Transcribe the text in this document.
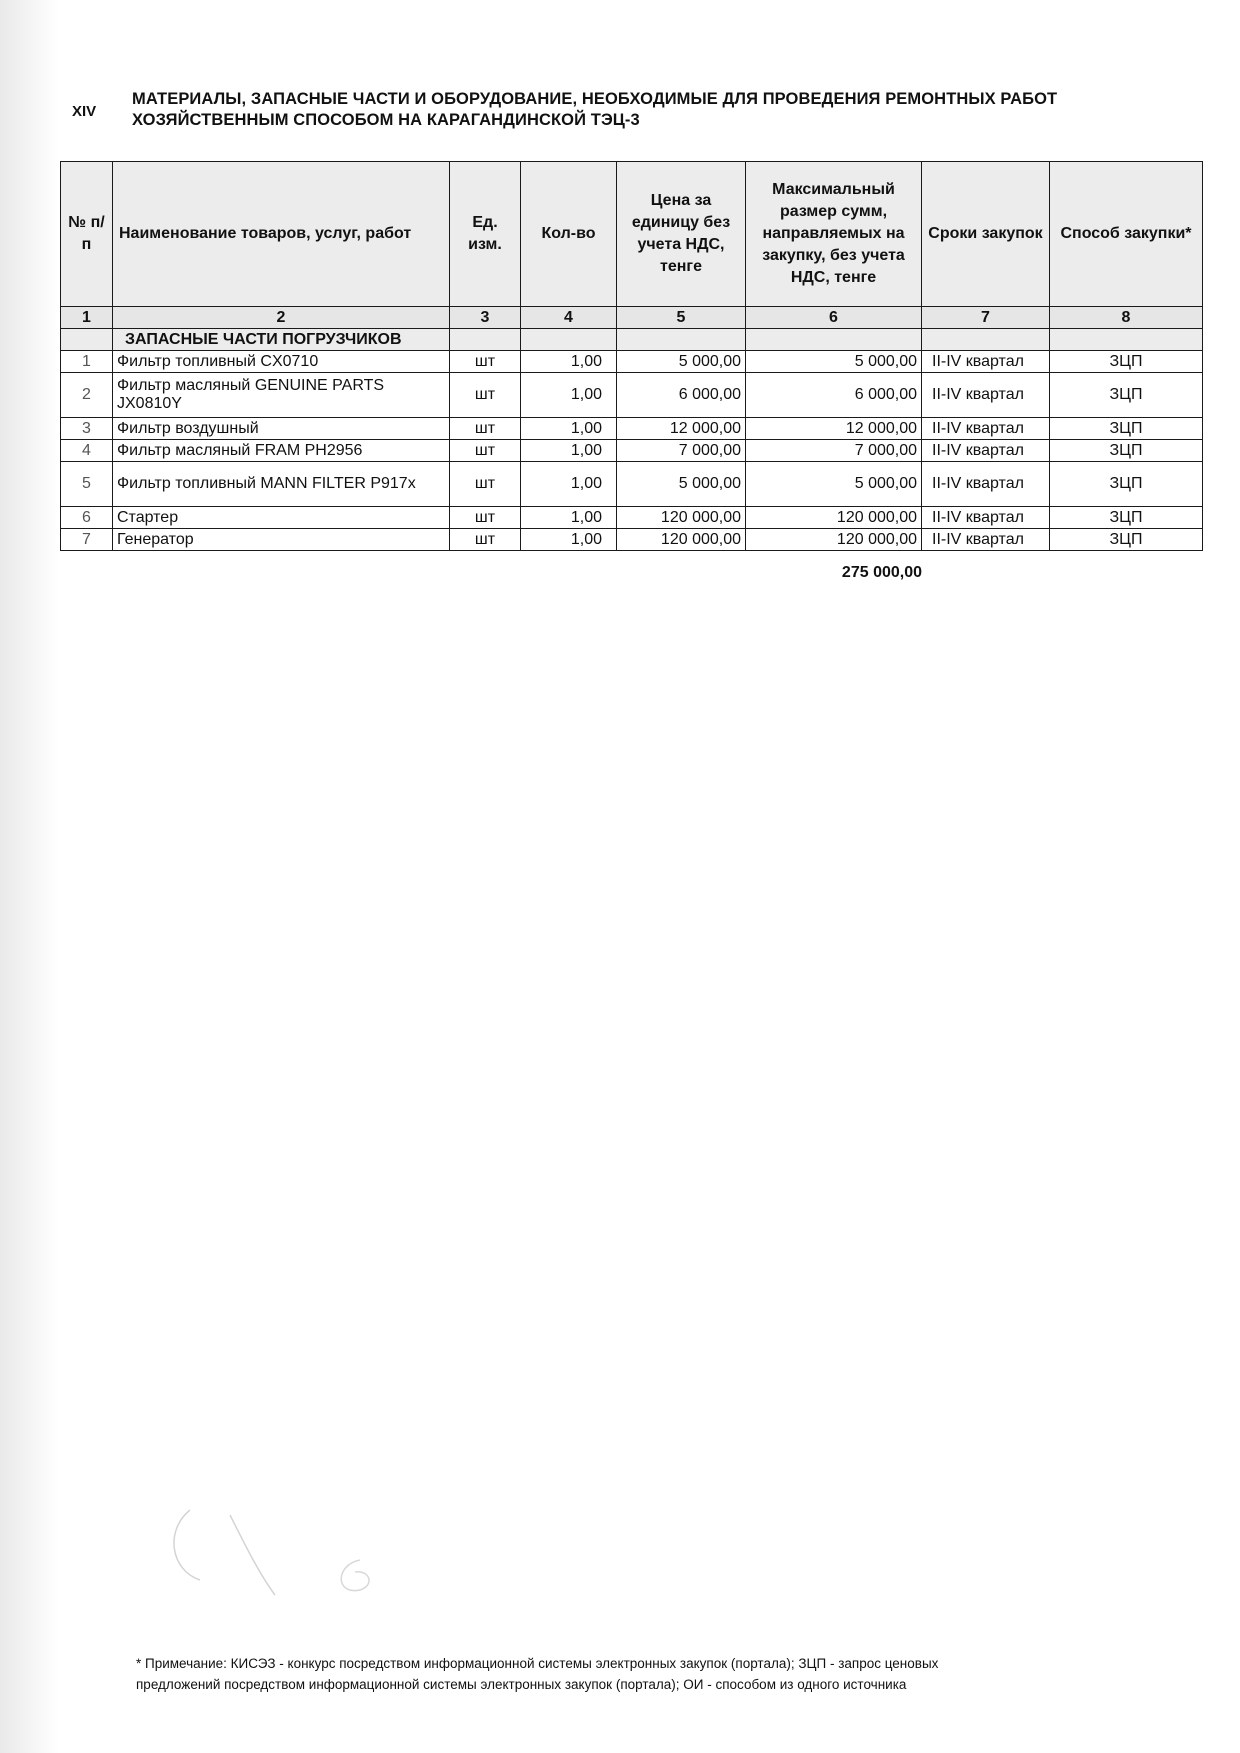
XIV
МАТЕРИАЛЫ, ЗАПАСНЫЕ ЧАСТИ И ОБОРУДОВАНИЕ, НЕОБХОДИМЫЕ ДЛЯ ПРОВЕДЕНИЯ РЕМОНТНЫХ РАБОТ
ХОЗЯЙСТВЕННЫМ СПОСОБОМ НА КАРАГАНДИНСКОЙ ТЭЦ-3
№ п/п	Наименование товаров, услуг, работ	Ед. изм.	Кол-во	Цена за единицу без учета НДС, тенге	Максимальный размер сумм, направляемых на закупку, без учета НДС, тенге	Сроки закупок	Способ закупки*
1	2	3	4	5	6	7	8
	ЗАПАСНЫЕ ЧАСТИ ПОГРУЗЧИКОВ						
1	Фильтр топливный CX0710	шт	1,00	5 000,00	5 000,00	II-IV квартал	ЗЦП
2	Фильтр масляный GENUINE PARTS JX0810Y	шт	1,00	6 000,00	6 000,00	II-IV квартал	ЗЦП
3	Фильтр воздушный	шт	1,00	12 000,00	12 000,00	II-IV квартал	ЗЦП
4	Фильтр масляный FRAM PH2956	шт	1,00	7 000,00	7 000,00	II-IV квартал	ЗЦП
5	Фильтр топливный MANN FILTER P917x	шт	1,00	5 000,00	5 000,00	II-IV квартал	ЗЦП
6	Стартер	шт	1,00	120 000,00	120 000,00	II-IV квартал	ЗЦП
7	Генератор	шт	1,00	120 000,00	120 000,00	II-IV квартал	ЗЦП
275 000,00
* Примечание: КИСЭЗ - конкурс посредством информационной системы электронных закупок (портала); ЗЦП - запрос ценовых
предложений посредством информационной системы электронных закупок (портала); ОИ - способом из одного источника
